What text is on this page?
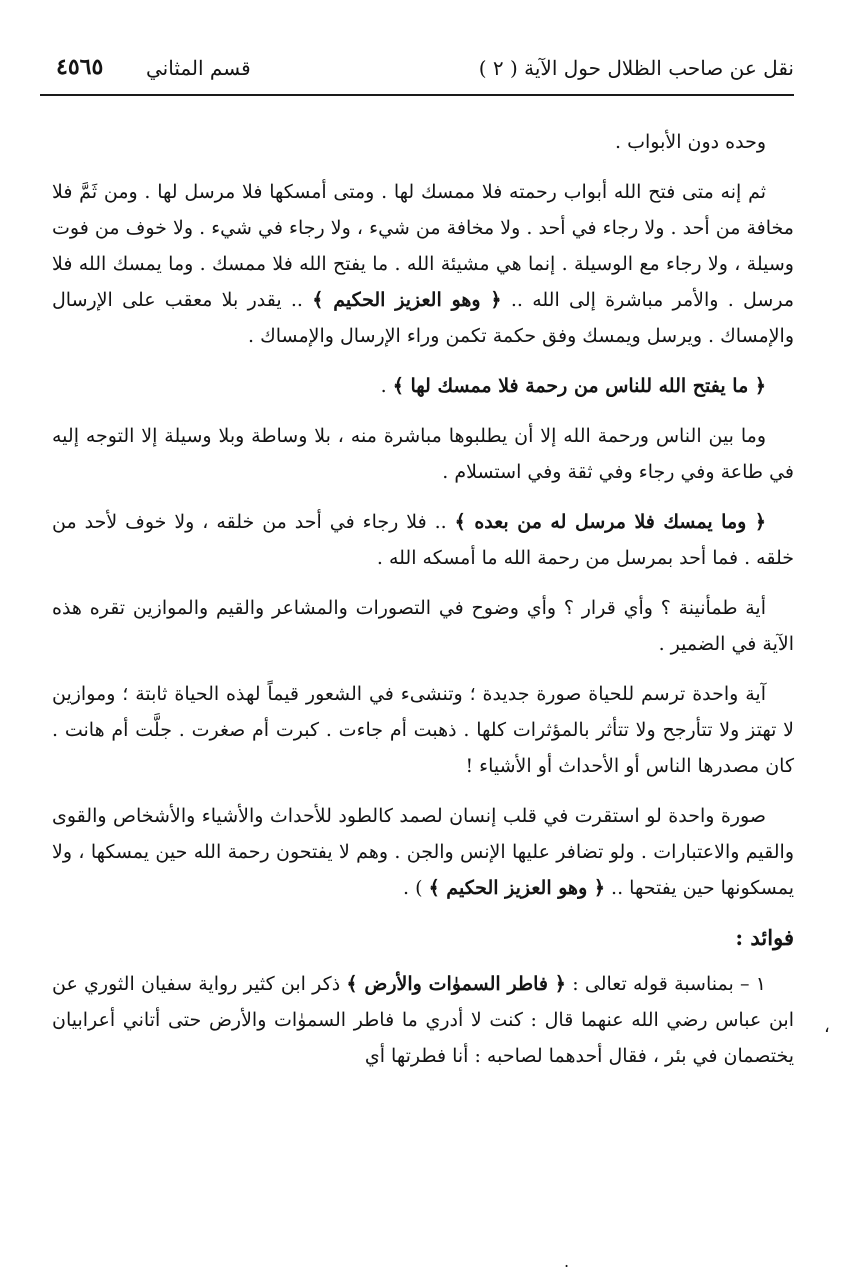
نقل عن صاحب الظلال حول الآية ( ٢ )
قسم المثاني
٤٥٦٥

وحده دون الأبواب .

ثم إنه متى فتح الله أبواب رحمته فلا ممسك لها . ومتى أمسكها فلا مرسل لها . ومن ثَمَّ فلا مخافة من أحد . ولا رجاء في أحد . ولا مخافة من شيء ، ولا رجاء في شيء . ولا خوف من فوت وسيلة ، ولا رجاء مع الوسيلة . إنما هي مشيئة الله . ما يفتح الله فلا ممسك . وما يمسك الله فلا مرسل . والأمر مباشرة إلى الله .. ﴿ وهو العزيز الحكيم ﴾ .. يقدر بلا معقب على الإرسال والإمساك . ويرسل ويمسك وفق حكمة تكمن وراء الإرسال والإمساك .

﴿ ما يفتح الله للناس من رحمة فلا ممسك لها ﴾ .

وما بين الناس ورحمة الله إلا أن يطلبوها مباشرة منه ، بلا وساطة وبلا وسيلة إلا التوجه إليه في طاعة وفي رجاء وفي ثقة وفي استسلام .

﴿ وما يمسك فلا مرسل له من بعده ﴾ .. فلا رجاء في أحد من خلقه ، ولا خوف لأحد من خلقه . فما أحد بمرسل من رحمة الله ما أمسكه الله .

أية طمأنينة ؟ وأي قرار ؟ وأي وضوح في التصورات والمشاعر والقيم والموازين تقره هذه الآية في الضمير .

آية واحدة ترسم للحياة صورة جديدة ؛ وتنشىء في الشعور قيماً لهذه الحياة ثابتة ؛ وموازين لا تهتز ولا تتأرجح ولا تتأثر بالمؤثرات كلها . ذهبت أم جاءت . كبرت أم صغرت . جلَّت أم هانت . كان مصدرها الناس أو الأحداث أو الأشياء !

صورة واحدة لو استقرت في قلب إنسان لصمد كالطود للأحداث والأشياء والأشخاص والقوى والقيم والاعتبارات . ولو تضافر عليها الإنس والجن . وهم لا يفتحون رحمة الله حين يمسكها ، ولا يمسكونها حين يفتحها .. ﴿ وهو العزيز الحكيم ﴾ ) .

فوائد :

١ – بمناسبة قوله تعالى : ﴿ فاطر السموٰات والأرض ﴾ ذكر ابن كثير رواية سفيان الثوري عن ابن عباس رضي الله عنهما قال : كنت لا أدري ما فاطر السموٰات والأرض حتى أتاني أعرابيان يختصمان في بئر ، فقال أحدهما لصاحبه : أنا فطرتها أي

،
.
